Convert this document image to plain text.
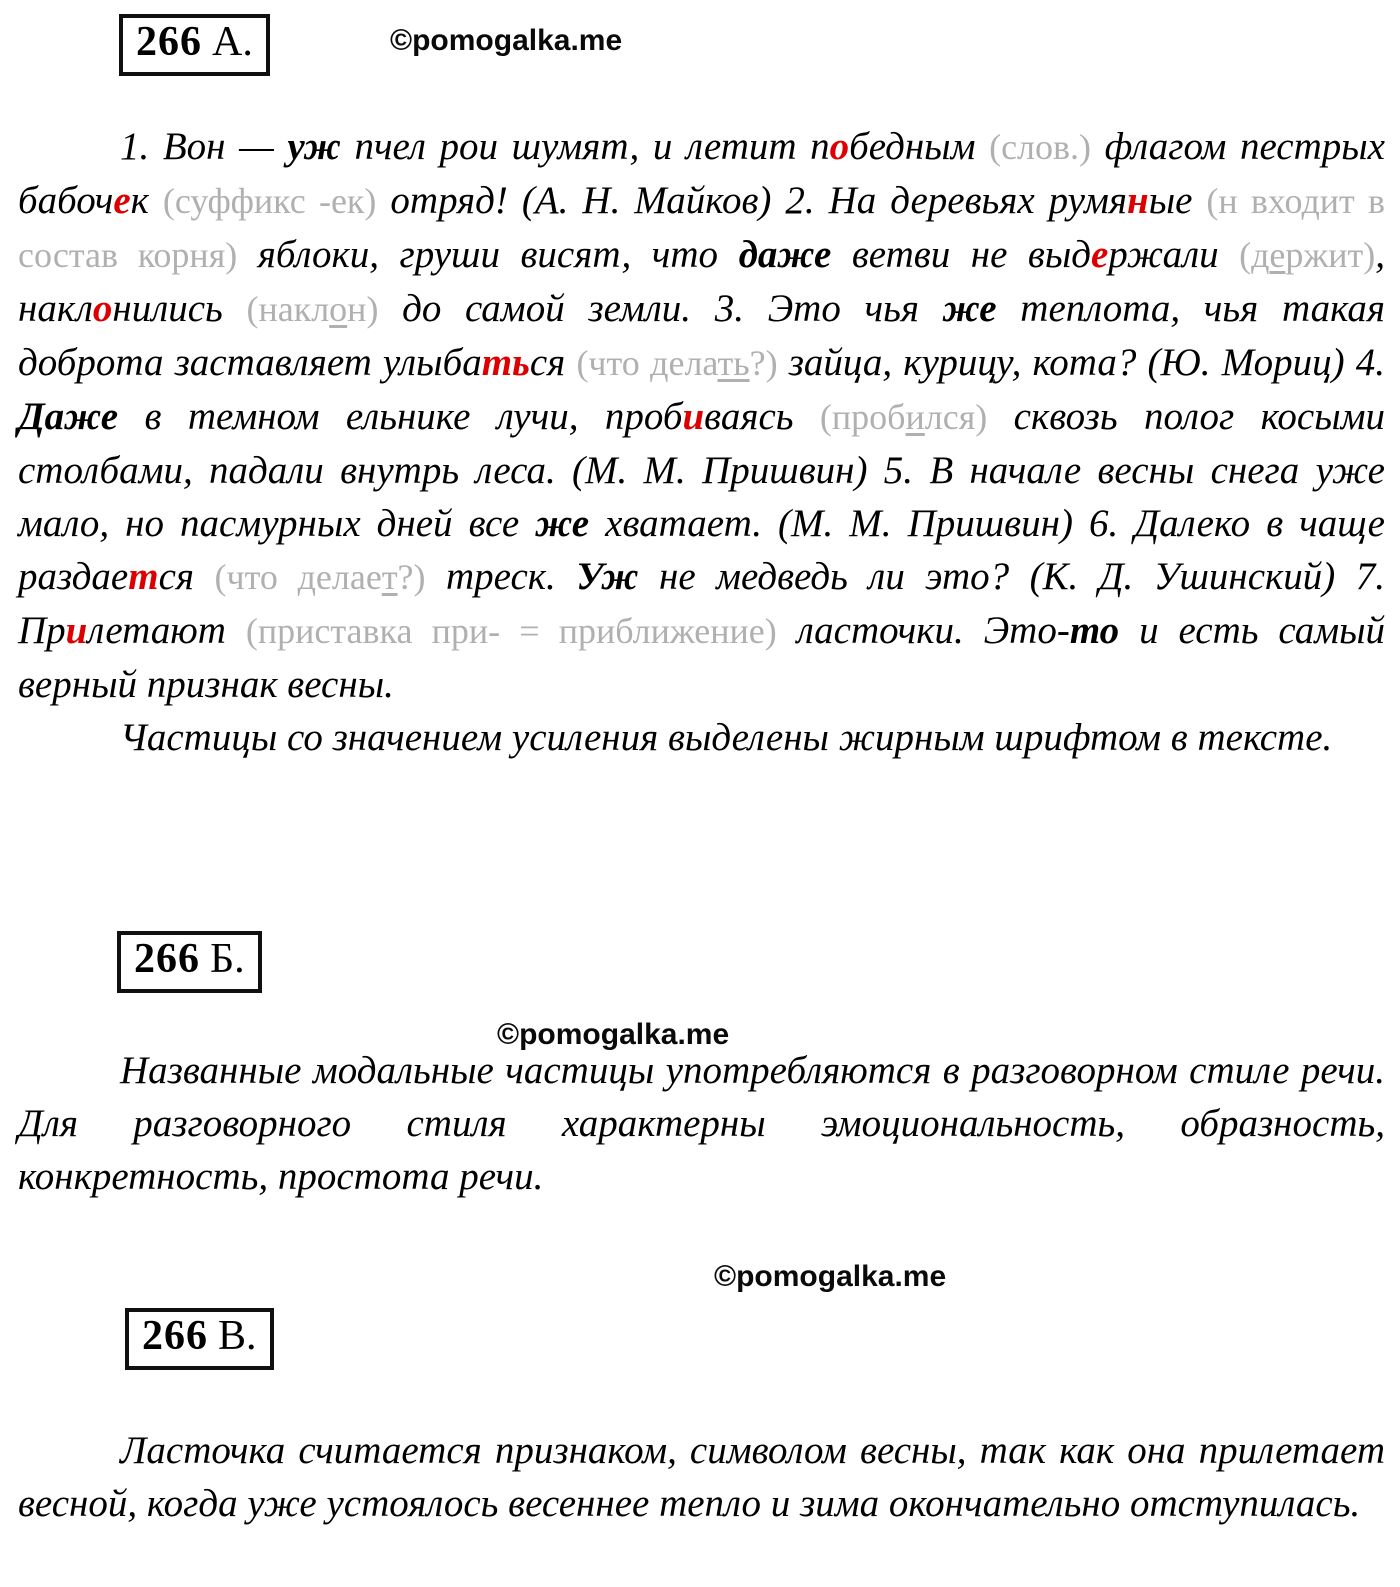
266 А.	©pomogalka.me

1. Вон — уж пчел рои шумят, и летит победным (слов.) флагом пестрых бабочек (суффикс -ек) отряд! (А. Н. Майков) 2. На деревьях румяные (н входит в состав корня) яблоки, груши висят, что даже ветви не выдержали (держит), наклонились (наклон) до самой земли. 3. Это чья же теплота, чья такая доброта заставляет улыбаться (что делать?) зайца, курицу, кота? (Ю. Мориц) 4. Даже в темном ельнике лучи, пробиваясь (пробился) сквозь полог косыми столбами, падали внутрь леса. (М. М. Пришвин) 5. В начале весны снега уже мало, но пасмурных дней все же хватает. (М. М. Пришвин) 6. Далеко в чаще раздается (что делает?) треск. Уж не медведь ли это? (К. Д. Ушинский) 7. Прилетают (приставка при- = приближение) ласточки. Это-то и есть самый верный признак весны.

Частицы со значением усиления выделены жирным шрифтом в тексте.

266 Б.
©pomogalka.me

Названные модальные частицы употребляются в разговорном стиле речи. Для разговорного стиля характерны эмоциональность, образность, конкретность, простота речи.

©pomogalka.me
266 В.

Ласточка считается признаком, символом весны, так как она прилетает весной, когда уже устоялось весеннее тепло и зима окончательно отступилась.
